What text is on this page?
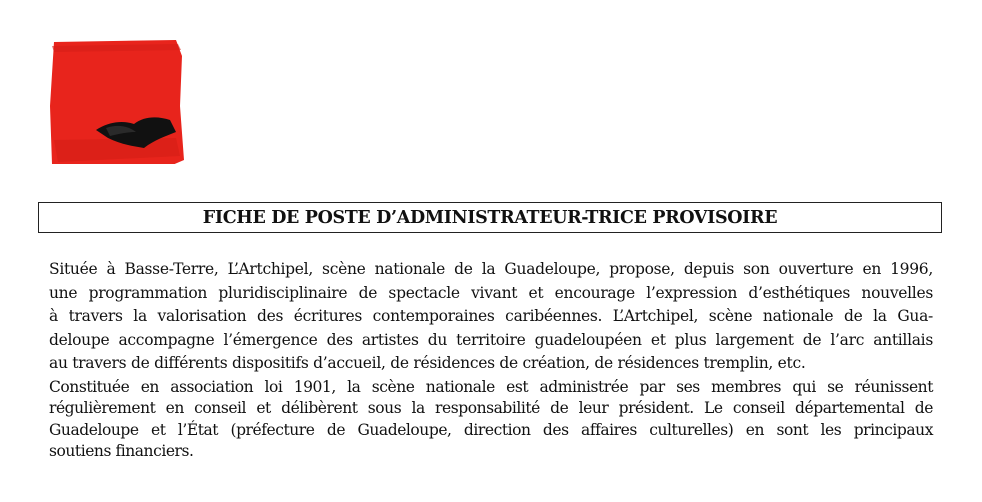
FICHE DE POSTE D’ADMINISTRATEUR-TRICE PROVISOIRE
Située à Basse-Terre, L’Artchipel, scène nationale de la Guadeloupe, propose, depuis son ouverture en 1996,
une programmation pluridisciplinaire de spectacle vivant et encourage l’expression d’esthétiques nouvelles
à travers la valorisation des écritures contemporaines caribéennes. L’Artchipel, scène nationale de la Gua-
deloupe accompagne l’émergence des artistes du territoire guadeloupéen et plus largement de l’arc antillais
au travers de différents dispositifs d’accueil, de résidences de création, de résidences tremplin, etc.
Constituée en association loi 1901, la scène nationale est administrée par ses membres qui se réunissent
régulièrement en conseil et délibèrent sous la responsabilité de leur président. Le conseil départemental de
Guadeloupe et l’État (préfecture de Guadeloupe, direction des affaires culturelles) en sont les principaux
soutiens financiers.
